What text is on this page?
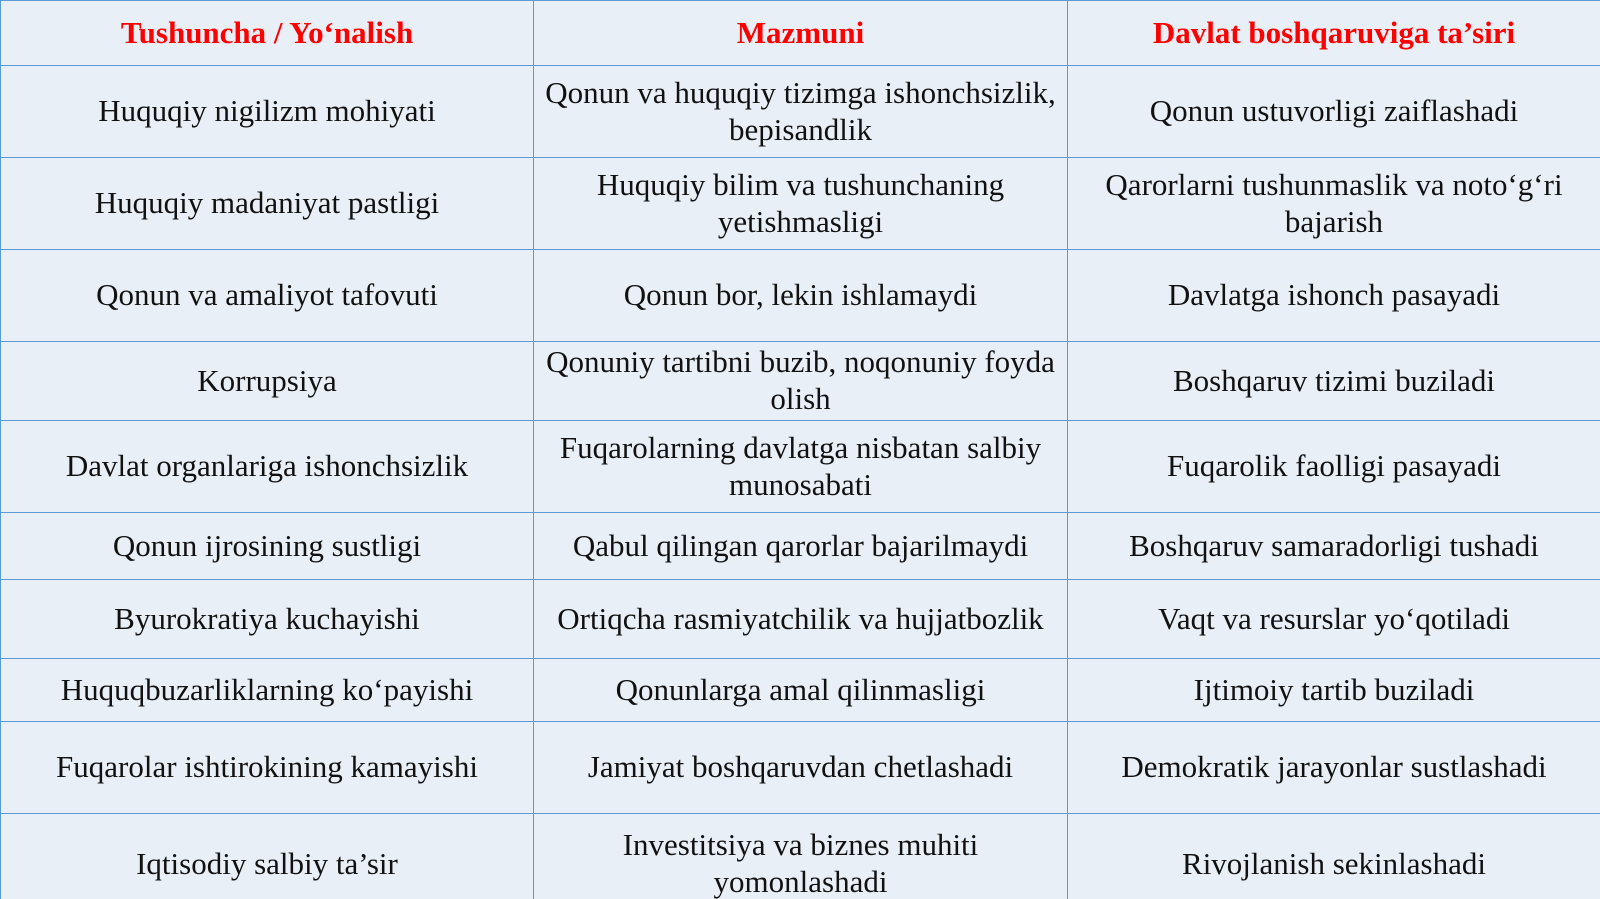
Tushuncha / Yo‘nalish	Mazmuni	Davlat boshqaruviga ta’siri
Huquqiy nigilizm mohiyati	Qonun va huquqiy tizimga ishonchsizlik, bepisandlik	Qonun ustuvorligi zaiflashadi
Huquqiy madaniyat pastligi	Huquqiy bilim va tushunchaning yetishmasligi	Qarorlarni tushunmaslik va noto‘g‘ri bajarish
Qonun va amaliyot tafovuti	Qonun bor, lekin ishlamaydi	Davlatga ishonch pasayadi
Korrupsiya	Qonuniy tartibni buzib, noqonuniy foyda olish	Boshqaruv tizimi buziladi
Davlat organlariga ishonchsizlik	Fuqarolarning davlatga nisbatan salbiy munosabati	Fuqarolik faolligi pasayadi
Qonun ijrosining sustligi	Qabul qilingan qarorlar bajarilmaydi	Boshqaruv samaradorligi tushadi
Byurokratiya kuchayishi	Ortiqcha rasmiyatchilik va hujjatbozlik	Vaqt va resurslar yo‘qotiladi
Huquqbuzarliklarning ko‘payishi	Qonunlarga amal qilinmasligi	Ijtimoiy tartib buziladi
Fuqarolar ishtirokining kamayishi	Jamiyat boshqaruvdan chetlashadi	Demokratik jarayonlar sustlashadi
Iqtisodiy salbiy ta’sir	Investitsiya va biznes muhiti yomonlashadi	Rivojlanish sekinlashadi
